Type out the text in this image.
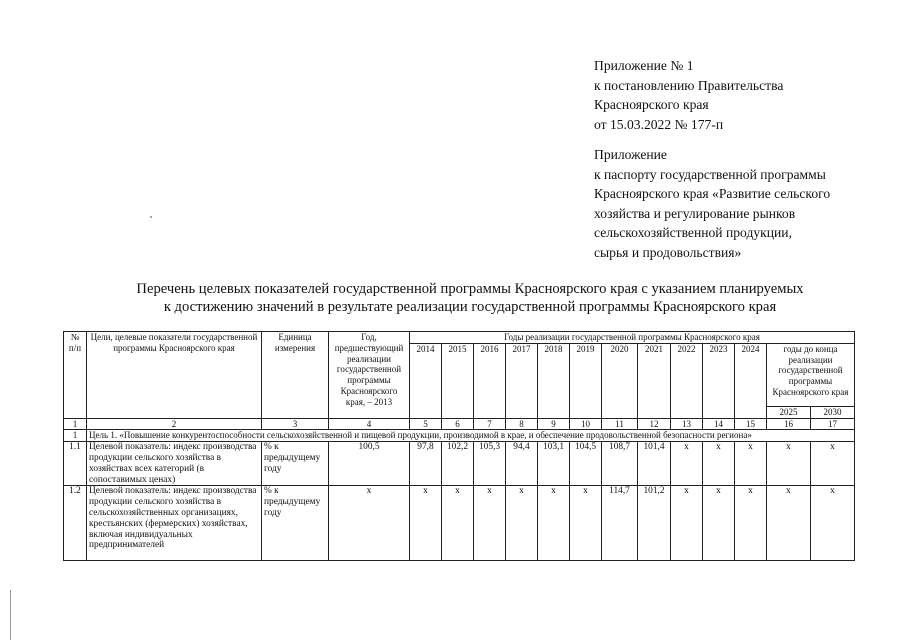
Приложение № 1
к постановлению Правительства
Красноярского края
от 15.03.2022 № 177-п
Приложение
к паспорту государственной программы
Красноярского края «Развитие сельского
хозяйства и регулирование рынков
сельскохозяйственной продукции,
сырья и продовольствия»
Перечень целевых показателей государственной программы Красноярского края с указанием планируемых
к достижению значений в результате реализации государственной программы Красноярского края
№ п/п	Цели, целевые показатели государственной программы Красноярского края	Единица измерения	Год, предшествующий реализации государственной программы Красноярского края, – 2013	Годы реализации государственной программы Красноярского края												
				2014	2015	2016	2017	2018	2019	2020	2021	2022	2023	2024	годы до конца реализации государственной программы Красноярского края	
															2025	2030
1	2	3	4	5	6	7	8	9	10	11	12	13	14	15	16	17
1	Цель 1. «Повышение конкурентоспособности сельскохозяйственной и пищевой продукции, производимой в крае, и обеспечение продовольственной безопасности региона»															
1.1	Целевой показатель: индекс производства продукции сельского хозяйства в хозяйствах всех категорий (в сопоставимых ценах)	% к предыдущему году	100,5	97,8	102,2	105,3	94,4	103,1	104,5	108,7	101,4	x	x	x	x	x
1.2	Целевой показатель: индекс производства продукции сельского хозяйства в сельскохозяйственных организациях, крестьянских (фермерских) хозяйствах, включая индивидуальных предпринимателей	% к предыдущему году	x	x	x	x	x	x	x	114,7	101,2	x	x	x	x	x
